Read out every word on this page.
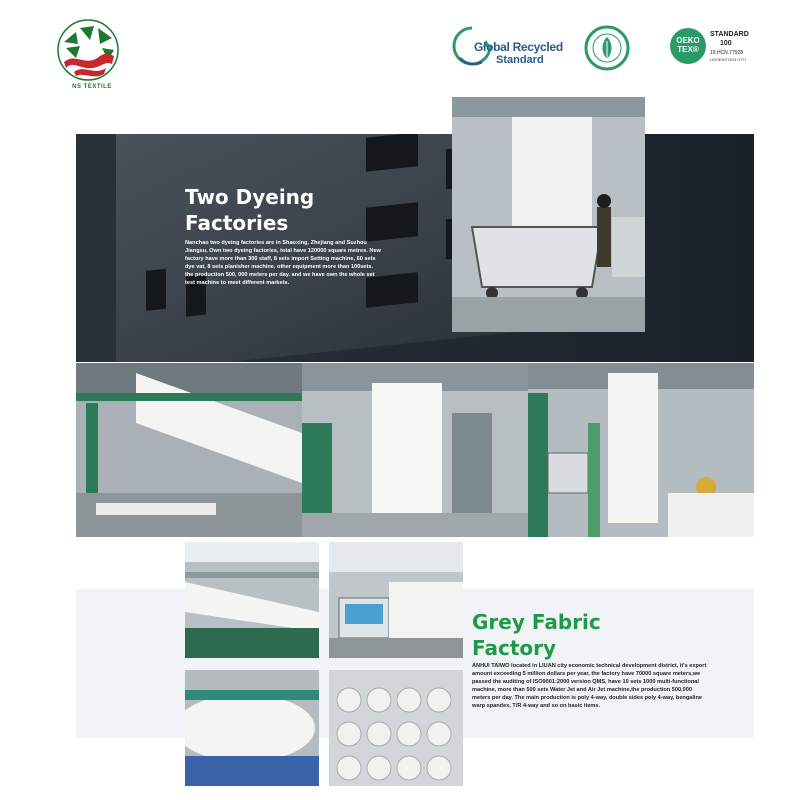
NS TEXTILE
Global Recycled
Standard
OEKO
TEX®
STANDARD
100
19.HCN.77928
HOHENSTEIN HTTI
Two Dyeing
Factories
Nanchao two dyeing factories are in Shaoxing, Zhejiang and Suzhou Jiangsu, Own two dyeing factories, total have 120000 square metres. New factory have more than 300 staff, 8 sets import Setting machine, 60 sets dye vat, 8 sets planisher machine, other equipment more than 100sets. the production 500, 000 meters per day. and we have own the whole set test machine to meet different markets.
Grey Fabric
Factory
ANHUI TAIWO located in LIUAN city economic technical development district, it's export amount exceeding 5 million dollars per year, the factory have 70000 square meters,we passed the auditing of ISO9001:2000 version QMS, have 10 sets 1000 multi-functional machine, more than 500 sets Water Jet and Air Jet machine,the production 500,000 meters per day. The main production is poly 4-way, double sides poly 4-way, bengaline warp spandex, T/R 4-way and so on basic items.
